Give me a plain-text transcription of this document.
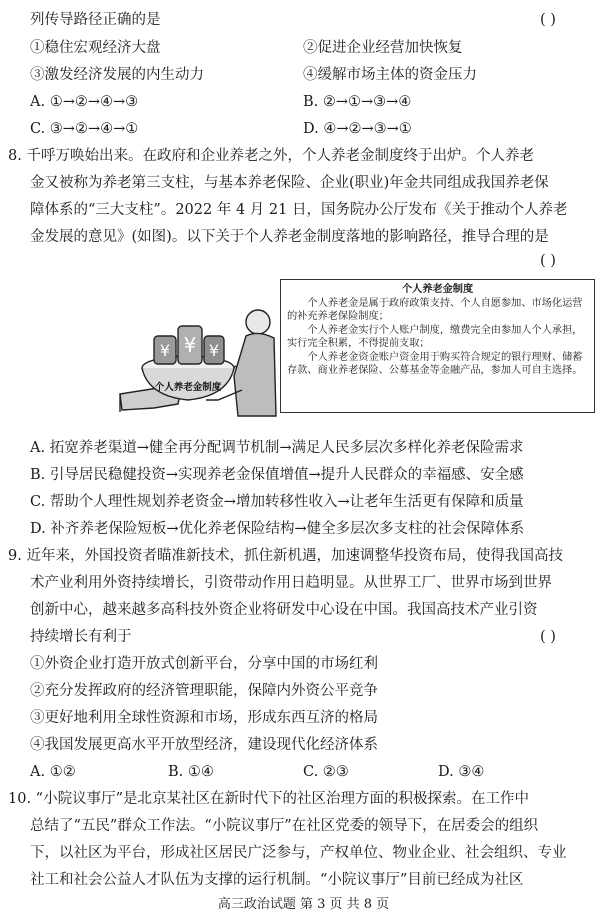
列传导路径正确的是	( )
①稳住宏观经济大盘	②促进企业经营加快恢复
③激发经济发展的内生动力	④缓解市场主体的资金压力
A. ①→②→④→③	B. ②→①→③→④
C. ③→②→④→①	D. ④→②→③→①
8. 千呼万唤始出来。在政府和企业养老之外，个人养老金制度终于出炉。个人养老
金又被称为养老第三支柱，与基本养老保险、企业(职业)年金共同组成我国养老保
障体系的“三大支柱”。2022 年 4 月 21 日，国务院办公厅发布《关于推动个人养老
金发展的意见》(如图)。以下关于个人养老金制度落地的影响路径，推导合理的是
( )
¥ ¥ ¥
个人养老金制度
个人养老金制度
个人养老金是属于政府政策支持、个人自愿参加、市场化运营的补充养老保险制度；
个人养老金实行个人账户制度，缴费完全由参加人个人承担，实行完全积累，不得提前支取；
个人养老金资金账户资金用于购买符合规定的银行理财、储蓄存款、商业养老保险、公募基金等金融产品，参加人可自主选择。
A. 拓宽养老渠道→健全再分配调节机制→满足人民多层次多样化养老保险需求
B. 引导居民稳健投资→实现养老金保值增值→提升人民群众的幸福感、安全感
C. 帮助个人理性规划养老资金→增加转移性收入→让老年生活更有保障和质量
D. 补齐养老保险短板→优化养老保险结构→健全多层次多支柱的社会保障体系
9. 近年来，外国投资者瞄准新技术，抓住新机遇，加速调整华投资布局，使得我国高技
术产业利用外资持续增长，引资带动作用日趋明显。从世界工厂、世界市场到世界
创新中心，越来越多高科技外资企业将研发中心设在中国。我国高技术产业引资
持续增长有利于	( )
①外资企业打造开放式创新平台，分享中国的市场红利
②充分发挥政府的经济管理职能，保障内外资公平竞争
③更好地利用全球性资源和市场，形成东西互济的格局
④我国发展更高水平开放型经济，建设现代化经济体系
A. ①②	B. ①④	C. ②③	D. ③④
10. “小院议事厅”是北京某社区在新时代下的社区治理方面的积极探索。在工作中
总结了“五民”群众工作法。“小院议事厅”在社区党委的领导下，在居委会的组织
下，以社区为平台，形成社区居民广泛参与，产权单位、物业企业、社会组织、专业
社工和社会公益人才队伍为支撑的运行机制。“小院议事厅”目前已经成为社区
高三政治试题 第 3 页 共 8 页
